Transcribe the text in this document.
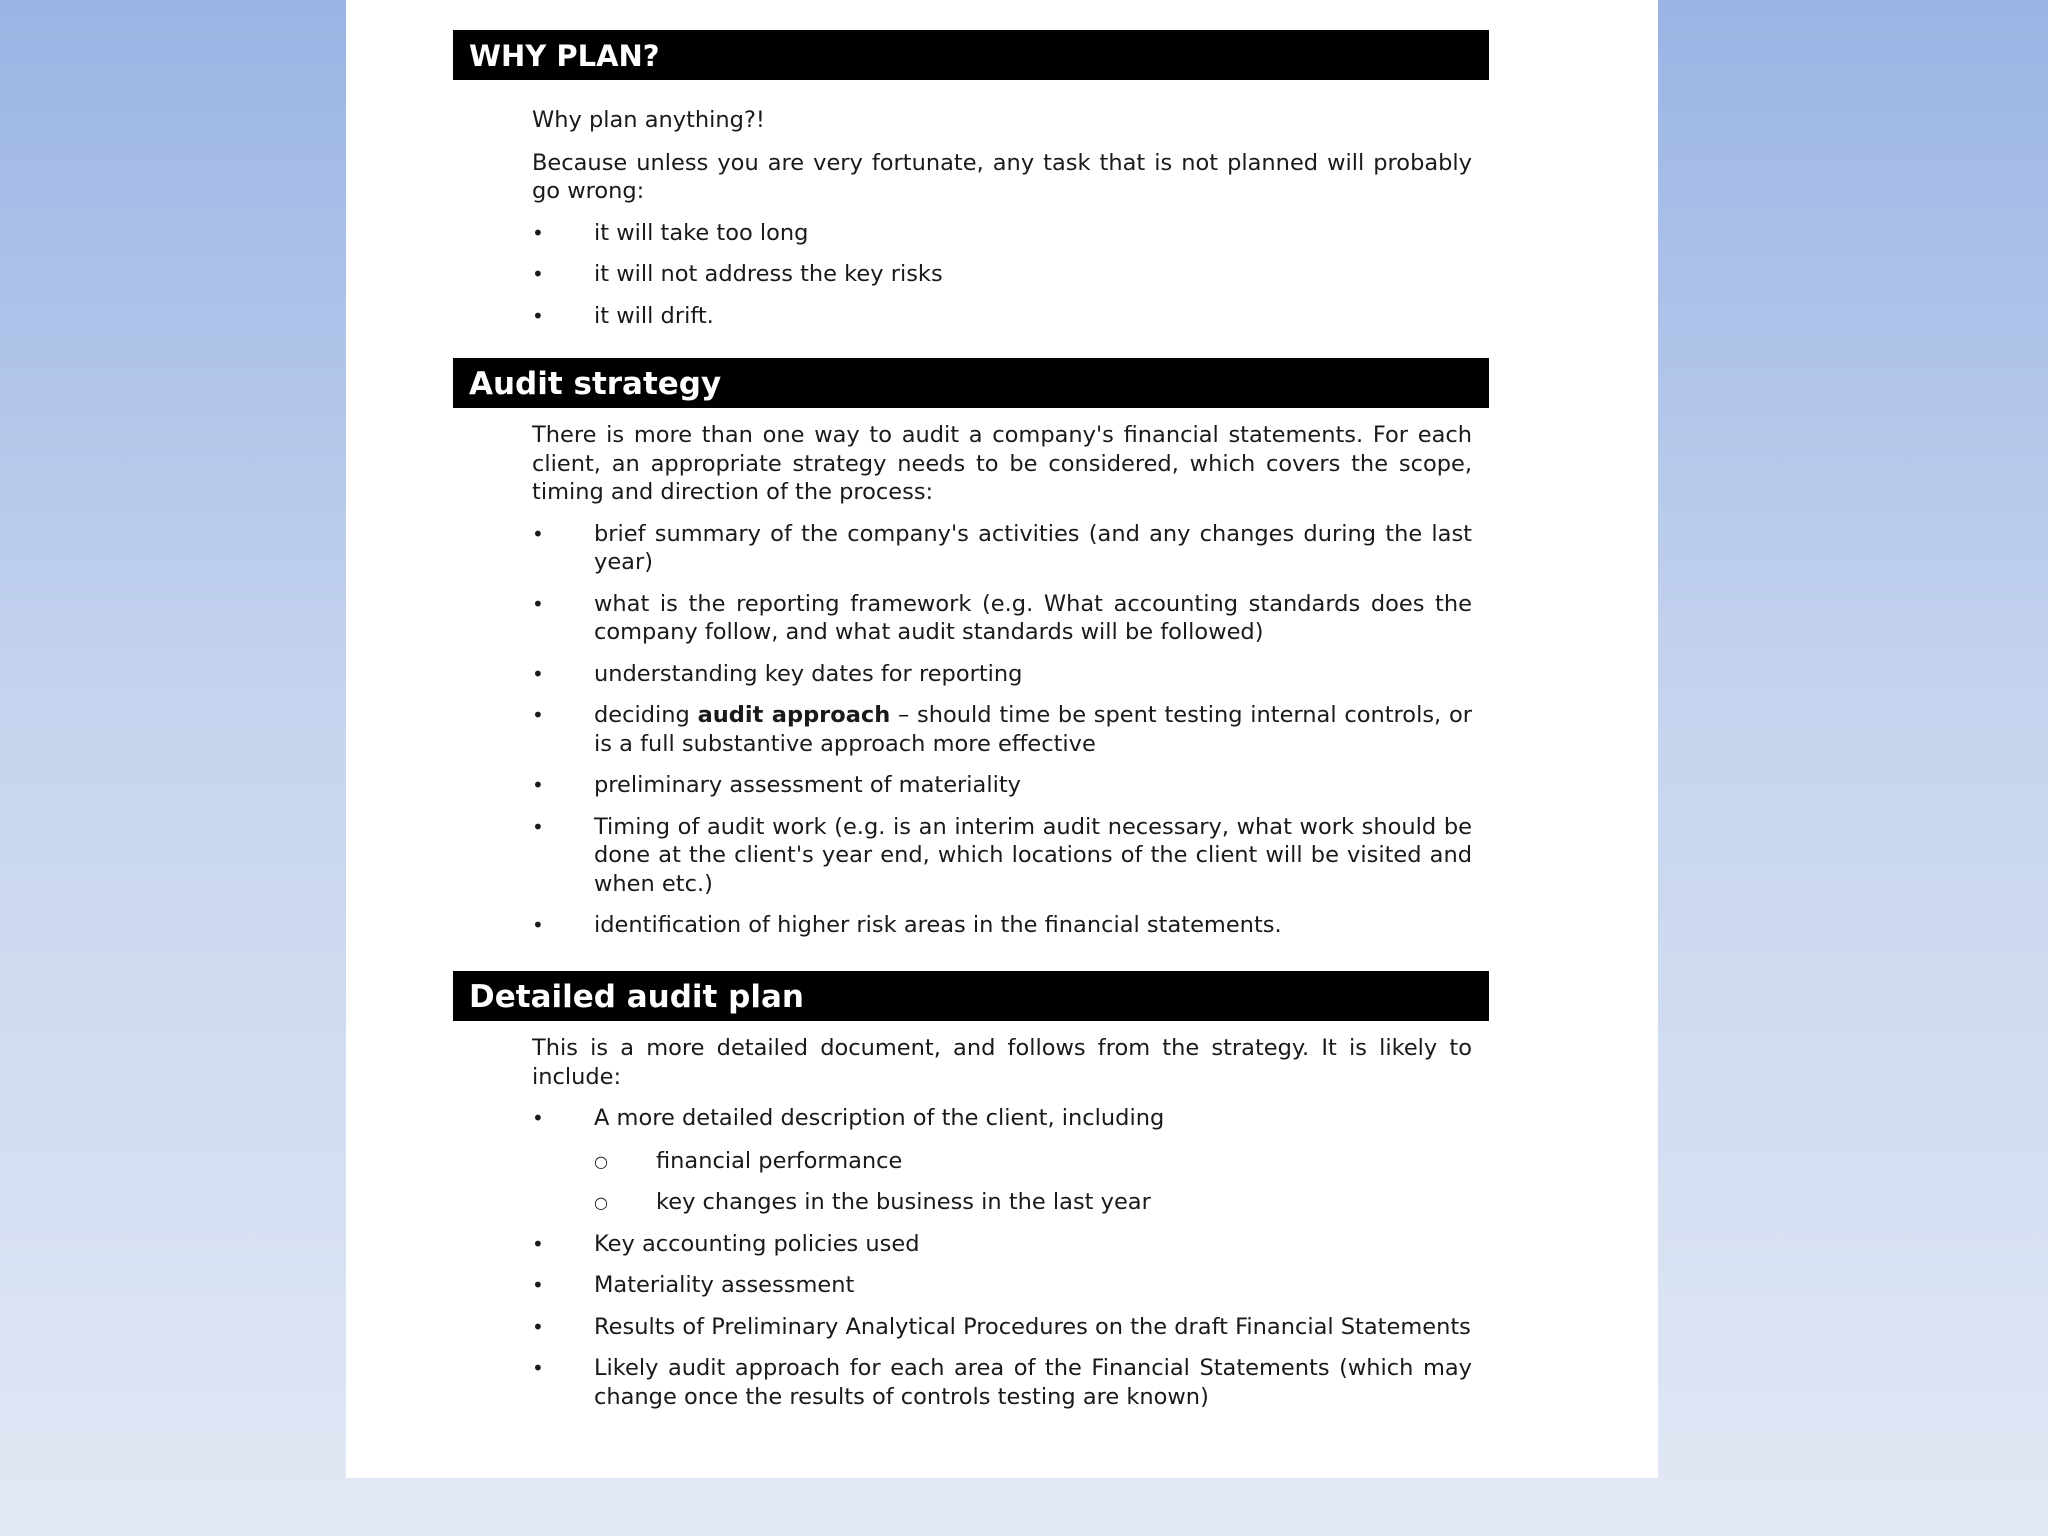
WHY PLAN?

Why plan anything?!

Because unless you are very fortunate, any task that is not planned will probably go wrong:

• it will take too long
• it will not address the key risks
• it will drift.
Audit strategy

There is more than one way to audit a company's financial statements. For each client, an appropriate strategy needs to be considered, which covers the scope, timing and direction of the process:

• brief summary of the company's activities (and any changes during the last year)
• what is the reporting framework (e.g. What accounting standards does the company follow, and what audit standards will be followed)
• understanding key dates for reporting
• deciding audit approach – should time be spent testing internal controls, or is a full substantive approach more effective
• preliminary assessment of materiality
• Timing of audit work (e.g. is an interim audit necessary, what work should be done at the client's year end, which locations of the client will be visited and when etc.)
• identification of higher risk areas in the financial statements.
Detailed audit plan

This is a more detailed document, and follows from the strategy. It is likely to include:

• A more detailed description of the client, including
○ financial performance
○ key changes in the business in the last year
• Key accounting policies used
• Materiality assessment
• Results of Preliminary Analytical Procedures on the draft Financial Statements
• Likely audit approach for each area of the Financial Statements (which may change once the results of controls testing are known)
